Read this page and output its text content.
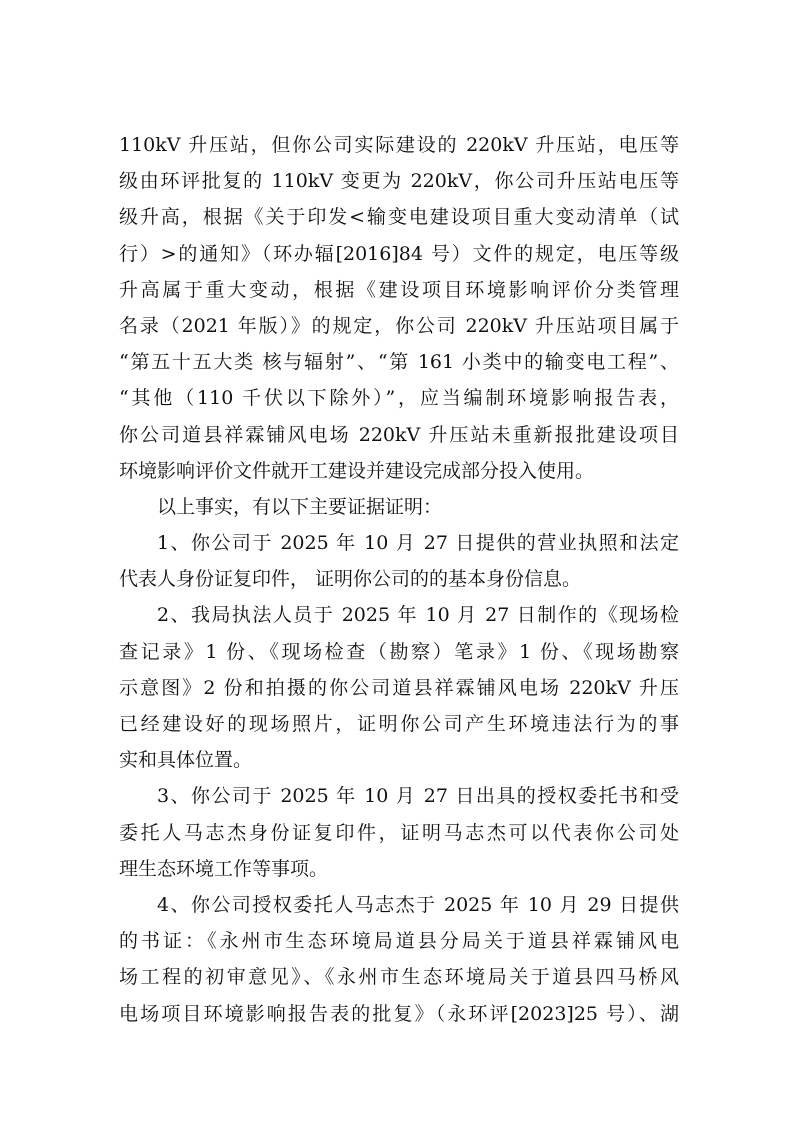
110kV 升压站，但你公司实际建设的 220kV 升压站，电压等
级由环评批复的 110kV 变更为 220kV，你公司升压站电压等
级升高，根据《关于印发<输变电建设项目重大变动清单（试
行）>的通知》（环办辐[2016]84 号）文件的规定，电压等级
升高属于重大变动，根据《建设项目环境影响评价分类管理
名录（2021 年版）》的规定，你公司 220kV 升压站项目属于
“第五十五大类 核与辐射”、“第 161 小类中的输变电工程”、
“其他（110 千伏以下除外）”，应当编制环境影响报告表，
你公司道县祥霖铺风电场 220kV 升压站未重新报批建设项目
环境影响评价文件就开工建设并建设完成部分投入使用。
以上事实，有以下主要证据证明：
1、你公司于 2025 年 10 月 27 日提供的营业执照和法定
代表人身份证复印件， 证明你公司的的基本身份信息。
2、我局执法人员于 2025 年 10 月 27 日制作的《现场检
查记录》1 份、《现场检查（勘察）笔录》1 份、《现场勘察
示意图》2 份和拍摄的你公司道县祥霖铺风电场 220kV 升压
已经建设好的现场照片，证明你公司产生环境违法行为的事
实和具体位置。
3、你公司于 2025 年 10 月 27 日出具的授权委托书和受
委托人马志杰身份证复印件，证明马志杰可以代表你公司处
理生态环境工作等事项。
4、你公司授权委托人马志杰于 2025 年 10 月 29 日提供
的书证：《永州市生态环境局道县分局关于道县祥霖铺风电
场工程的初审意见》、《永州市生态环境局关于道县四马桥风
电场项目环境影响报告表的批复》（永环评[2023]25 号）、湖
